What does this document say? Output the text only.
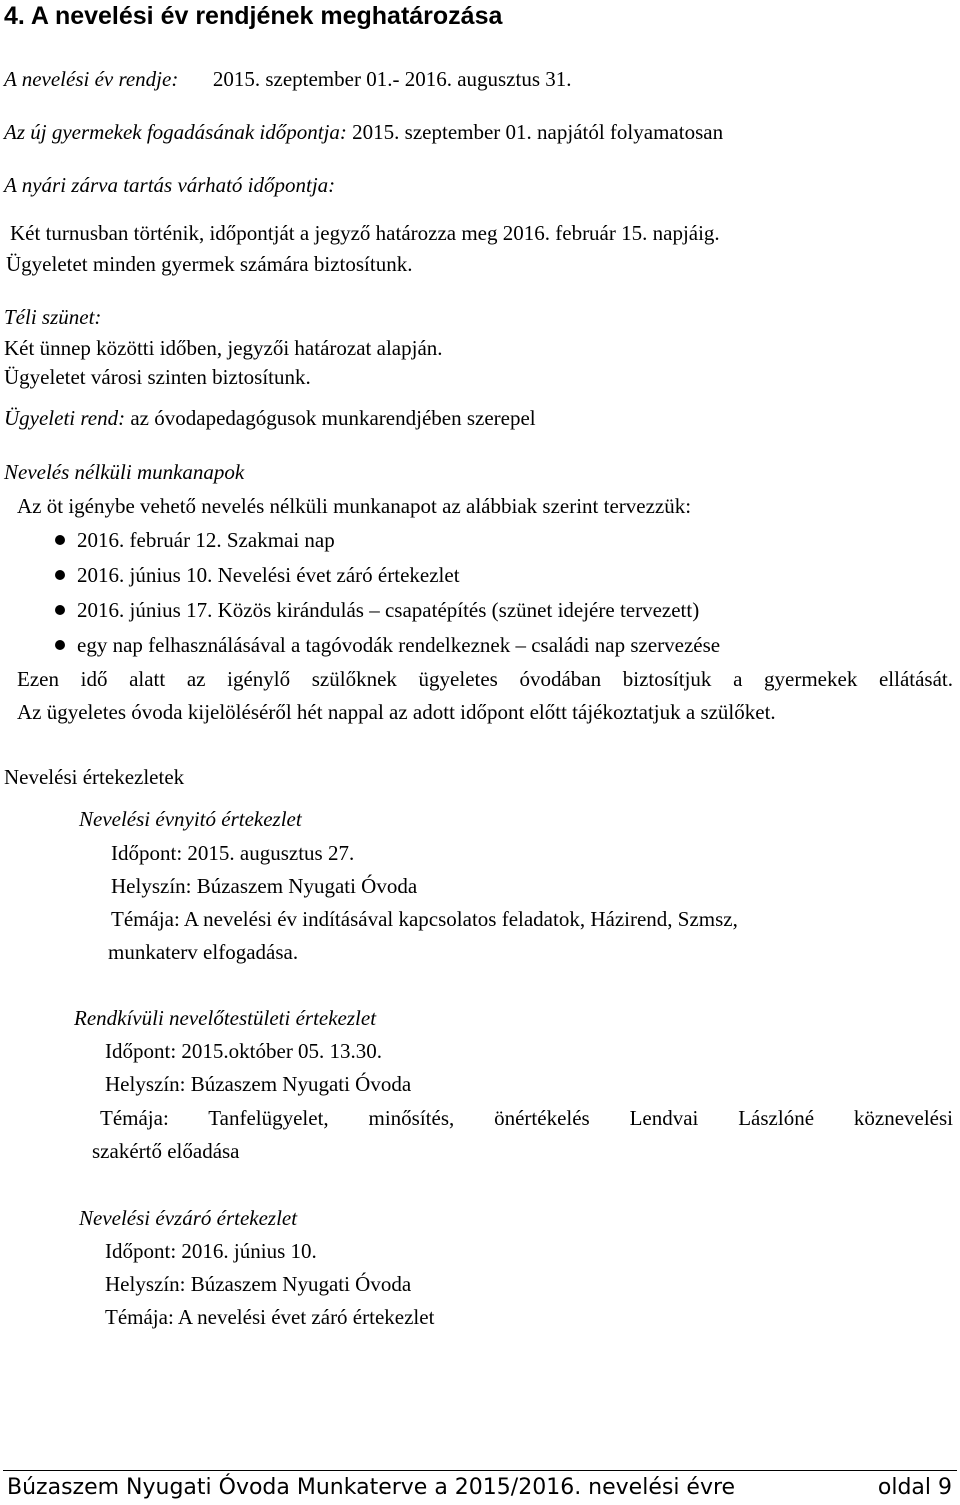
4. A nevelési év rendjének meghatározása
A nevelési év rendje: 2015. szeptember 01.- 2016. augusztus 31.
Az új gyermekek fogadásának időpontja: 2015. szeptember 01. napjától folyamatosan
A nyári zárva tartás várható időpontja:
Két turnusban történik, időpontját a jegyző határozza meg 2016. február 15. napjáig.
Ügyeletet minden gyermek számára biztosítunk.
Téli szünet:
Két ünnep közötti időben, jegyzői határozat alapján.
Ügyeletet városi szinten biztosítunk.
Ügyeleti rend: az óvodapedagógusok munkarendjében szerepel
Nevelés nélküli munkanapok
Az öt igénybe vehető nevelés nélküli munkanapot az alábbiak szerint tervezzük:
2016. február 12. Szakmai nap
2016. június 10. Nevelési évet záró értekezlet
2016. június 17. Közös kirándulás – csapatépítés (szünet idejére tervezett)
egy nap felhasználásával a tagóvodák rendelkeznek – családi nap szervezése
Ezen idő alatt az igénylő szülőknek ügyeletes óvodában biztosítjuk a gyermekek ellátását.
Az ügyeletes óvoda kijelöléséről hét nappal az adott időpont előtt tájékoztatjuk a szülőket.
Nevelési értekezletek
Nevelési évnyitó értekezlet
Időpont: 2015. augusztus 27.
Helyszín: Búzaszem Nyugati Óvoda
Témája: A nevelési év indításával kapcsolatos feladatok, Házirend, Szmsz,
munkaterv elfogadása.
Rendkívüli nevelőtestületi értekezlet
Időpont: 2015.október 05. 13.30.
Helyszín: Búzaszem Nyugati Óvoda
Témája: Tanfelügyelet, minősítés, önértékelés Lendvai Lászlóné köznevelési
szakértő előadása
Nevelési évzáró értekezlet
Időpont: 2016. június 10.
Helyszín: Búzaszem Nyugati Óvoda
Témája: A nevelési évet záró értekezlet
Búzaszem Nyugati Óvoda Munkaterve a 2015/2016. nevelési évre	oldal 9
